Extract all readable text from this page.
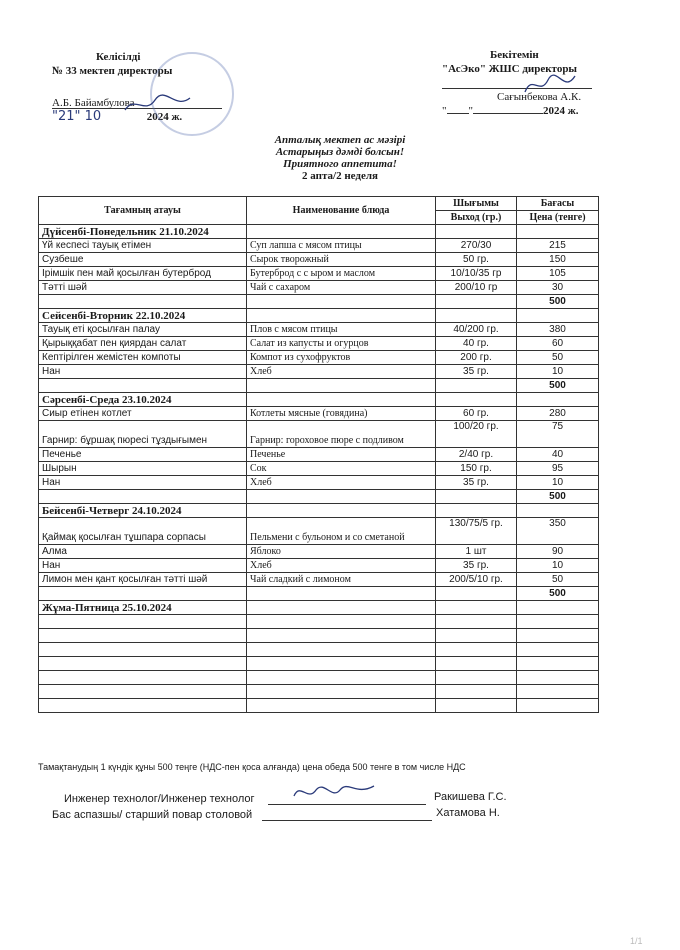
Келісілді
№ 33 мектеп директоры
А.Б. Байамбулова
"21" 10	2024 ж.
Бекітемін
"АсЭко" ЖШС директоры
Сағынбекова А.К.
" "	2024 ж.
Апталық мектеп ас мәзірі
Астарыңыз дәмді болсын!
Приятного аппетита!
2 апта/2 неделя
Тағамның атауы	Наименование блюда	Шығымы	Бағасы
		Выход (гр.)	Цена (тенге)
Дүйсенбі-Понедельник 21.10.2024			
Үй кеспесі тауық етімен	Суп лапша с мясом птицы	270/30	215
Сузбеше	Сырок творожный	50 гр.	150
Ірімшік пен май қосылған бутерброд	Бутерброд с с ыром и маслом	10/10/35 гр	105
Тәтті шәй	Чай с сахаром	200/10 гр	30
			500
Сейсенбі-Вторник 22.10.2024			
Тауық еті қосылған палау	Плов с мясом птицы	40/200 гр.	380
Қырыққабат пен қиярдан салат	Салат из капусты и огурцов	40 гр.	60
Кептірілген жемістен компоты	Компот из сухофруктов	200 гр.	50
Нан	Хлеб	35 гр.	10
			500
Сәрсенбі-Среда 23.10.2024			
Сиыр етінен котлет	Котлеты мясные (говядина)	60 гр.	280
Гарнир: бұршақ пюресі тұздығымен	Гарнир: гороховое пюре с подливом	100/20 гр.	75
Печенье	Печенье	2/40 гр.	40
Шырын	Сок	150 гр.	95
Нан	Хлеб	35 гр.	10
			500
Бейсенбі-Четверг 24.10.2024			
Қаймақ қосылған тұшпара сорпасы	Пельмени с бульоном и со сметаной	130/75/5 гр.	350
Алма	Яблоко	1 шт	90
Нан	Хлеб	35 гр.	10
Лимон мен қант қосылған тәтті шәй	Чай сладкий с лимоном	200/5/10 гр.	50
			500
Жұма-Пятница 25.10.2024			

Тамақтанудың 1 күндік құны 500 теңге (НДС-пен қоса алғанда) цена обеда 500 тенге в том числе НДС
Инженер технолог/Инженер технолог	Ракишева Г.С.
Бас аспазшы/ старший повар столовой	Хатамова Н.
1/1
